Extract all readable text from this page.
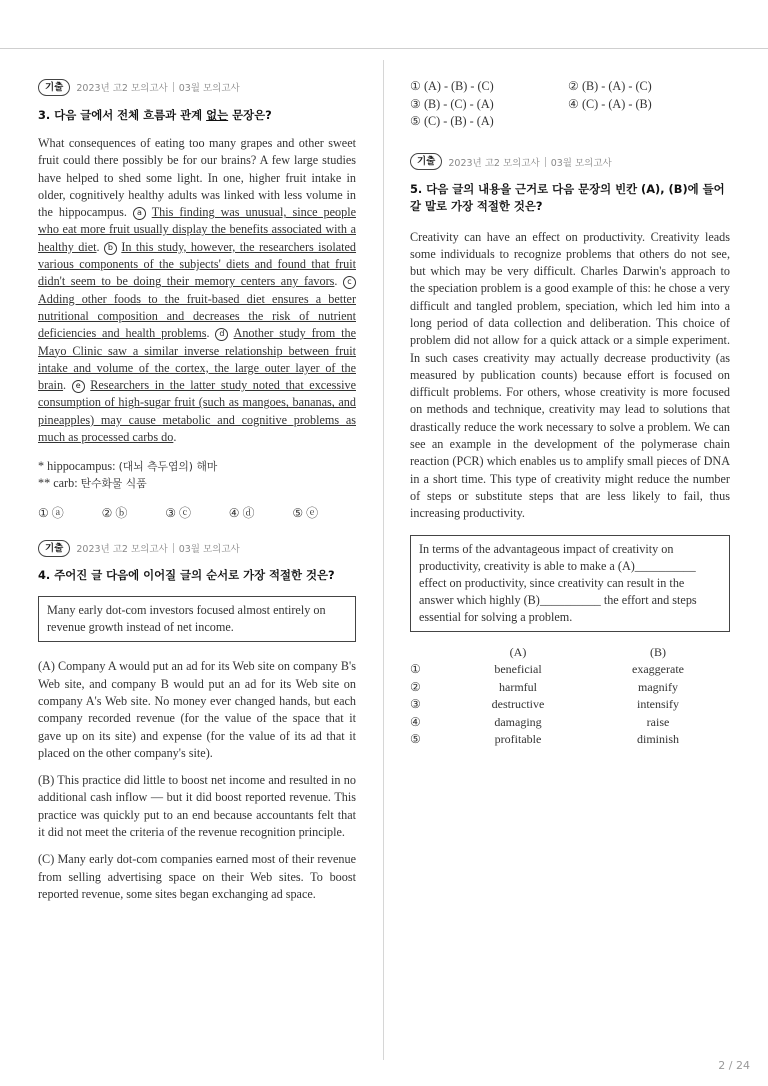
기출	2023년 고2 모의고사 03월 모의고사
3. 다음 글에서 전체 흐름과 관계 없는 문장은?
What consequences of eating too many grapes and other sweet fruit could there possibly be for our brains? A few large studies have helped to shed some light. In one, higher fruit intake in older, cognitively healthy adults was linked with less volume in the hippocampus. a This finding was unusual, since people who eat more fruit usually display the benefits associated with a healthy diet. b In this study, however, the researchers isolated various components of the subjects' diets and found that fruit didn't seem to be doing their memory centers any favors. c Adding other foods to the fruit-based diet ensures a better nutritional composition and decreases the risk of nutrient deficiencies and health problems. d Another study from the Mayo Clinic saw a similar inverse relationship between fruit intake and volume of the cortex, the large outer layer of the brain. e Researchers in the latter study noted that excessive consumption of high-sugar fruit (such as mangoes, bananas, and pineapples) may cause metabolic and cognitive problems as much as processed carbs do.
* hippocampus: (대뇌 측두엽의) 해마
** carb: 탄수화물 식품
① ⓐ	② ⓑ	③ ⓒ	④ ⓓ	⑤ ⓔ
기출	2023년 고2 모의고사 03월 모의고사
4. 주어진 글 다음에 이어질 글의 순서로 가장 적절한 것은?
Many early dot-com investors focused almost entirely on revenue growth instead of net income.
(A) Company A would put an ad for its Web site on company B's Web site, and company B would put an ad for its Web site on company A's Web site. No money ever changed hands, but each company recorded revenue (for the value of the space that it gave up on its site) and expense (for the value of its ad that it placed on the other company's site).
(B) This practice did little to boost net income and resulted in no additional cash inflow — but it did boost reported revenue. This practice was quickly put to an end because accountants felt that it did not meet the criteria of the revenue recognition principle.
(C) Many early dot-com companies earned most of their revenue from selling advertising space on their Web sites. To boost reported revenue, some sites began exchanging ad space.
① (A) - (B) - (C)	② (B) - (A) - (C)
③ (B) - (C) - (A)	④ (C) - (A) - (B)
⑤ (C) - (B) - (A)
기출	2023년 고2 모의고사 03월 모의고사
5. 다음 글의 내용을 근거로 다음 문장의 빈칸 (A), (B)에 들어갈 말로 가장 적절한 것은?
Creativity can have an effect on productivity. Creativity leads some individuals to recognize problems that others do not see, but which may be very difficult. Charles Darwin's approach to the speciation problem is a good example of this: he chose a very difficult and tangled problem, speciation, which led him into a long period of data collection and deliberation. This choice of problem did not allow for a quick attack or a simple experiment. In such cases creativity may actually decrease productivity (as measured by publication counts) because effort is focused on difficult problems. For others, whose creativity is more focused on methods and technique, creativity may lead to solutions that drastically reduce the work necessary to solve a problem. We can see an example in the development of the polymerase chain reaction (PCR) which enables us to amplify small pieces of DNA in a short time. This type of creativity might reduce the number of steps or substitute steps that are less likely to fail, thus increasing productivity.
In terms of the advantageous impact of creativity on productivity, creativity is able to make a (A)__________ effect on productivity, since creativity can result in the answer which highly (B)__________ the effort and steps essential for solving a problem.
(A)	(B)
①	beneficial	exaggerate
②	harmful	magnify
③	destructive	intensify
④	damaging	raise
⑤	profitable	diminish
2 / 24
